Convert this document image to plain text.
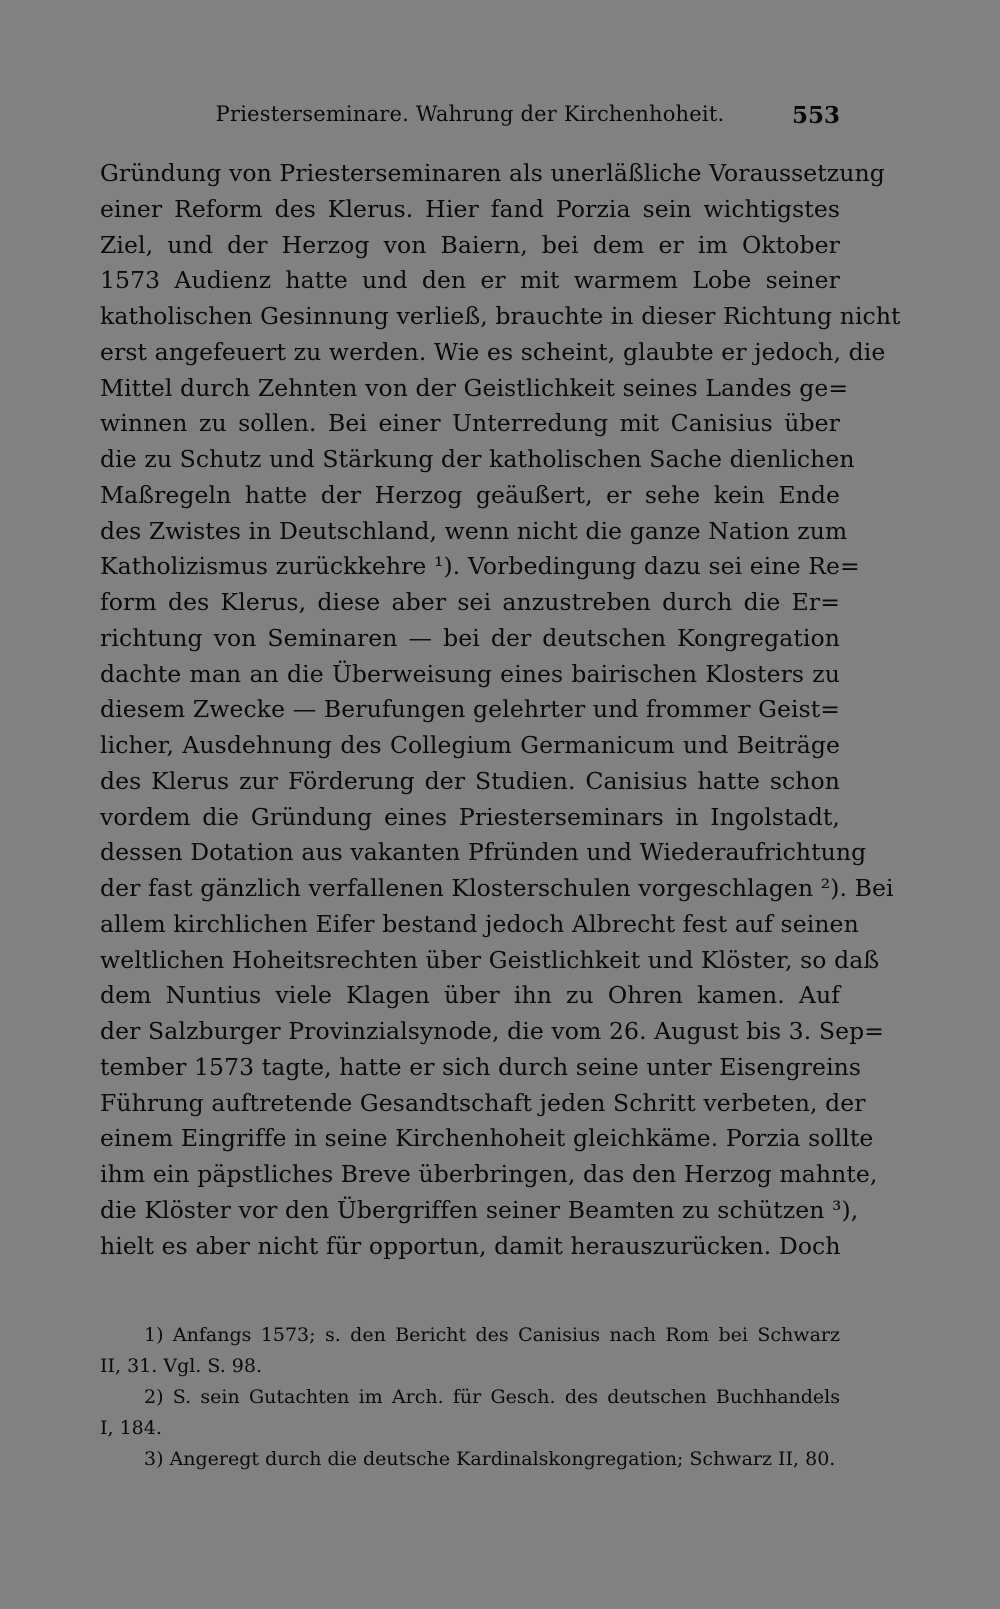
Priesterseminare. Wahrung der Kirchenhoheit.	553
Gründung von Priesterseminaren als unerläßliche Voraussetzung
einer Reform des Klerus. Hier fand Porzia sein wichtigstes
Ziel, und der Herzog von Baiern, bei dem er im Oktober
1573 Audienz hatte und den er mit warmem Lobe seiner
katholischen Gesinnung verließ, brauchte in dieser Richtung nicht
erst angefeuert zu werden. Wie es scheint, glaubte er jedoch, die
Mittel durch Zehnten von der Geistlichkeit seines Landes ge=
winnen zu sollen. Bei einer Unterredung mit Canisius über
die zu Schutz und Stärkung der katholischen Sache dienlichen
Maßregeln hatte der Herzog geäußert, er sehe kein Ende
des Zwistes in Deutschland, wenn nicht die ganze Nation zum
Katholizismus zurückkehre ¹). Vorbedingung dazu sei eine Re=
form des Klerus, diese aber sei anzustreben durch die Er=
richtung von Seminaren — bei der deutschen Kongregation
dachte man an die Überweisung eines bairischen Klosters zu
diesem Zwecke — Berufungen gelehrter und frommer Geist=
licher, Ausdehnung des Collegium Germanicum und Beiträge
des Klerus zur Förderung der Studien. Canisius hatte schon
vordem die Gründung eines Priesterseminars in Ingolstadt,
dessen Dotation aus vakanten Pfründen und Wiederaufrichtung
der fast gänzlich verfallenen Klosterschulen vorgeschlagen ²). Bei
allem kirchlichen Eifer bestand jedoch Albrecht fest auf seinen
weltlichen Hoheitsrechten über Geistlichkeit und Klöster, so daß
dem Nuntius viele Klagen über ihn zu Ohren kamen. Auf
der Salzburger Provinzialsynode, die vom 26. August bis 3. Sep=
tember 1573 tagte, hatte er sich durch seine unter Eisengreins
Führung auftretende Gesandtschaft jeden Schritt verbeten, der
einem Eingriffe in seine Kirchenhoheit gleichkäme. Porzia sollte
ihm ein päpstliches Breve überbringen, das den Herzog mahnte,
die Klöster vor den Übergriffen seiner Beamten zu schützen ³),
hielt es aber nicht für opportun, damit herauszurücken. Doch
1) Anfangs 1573; s. den Bericht des Canisius nach Rom bei Schwarz
II, 31. Vgl. S. 98.
2) S. sein Gutachten im Arch. für Gesch. des deutschen Buchhandels
I, 184.
3) Angeregt durch die deutsche Kardinalskongregation; Schwarz II, 80.
